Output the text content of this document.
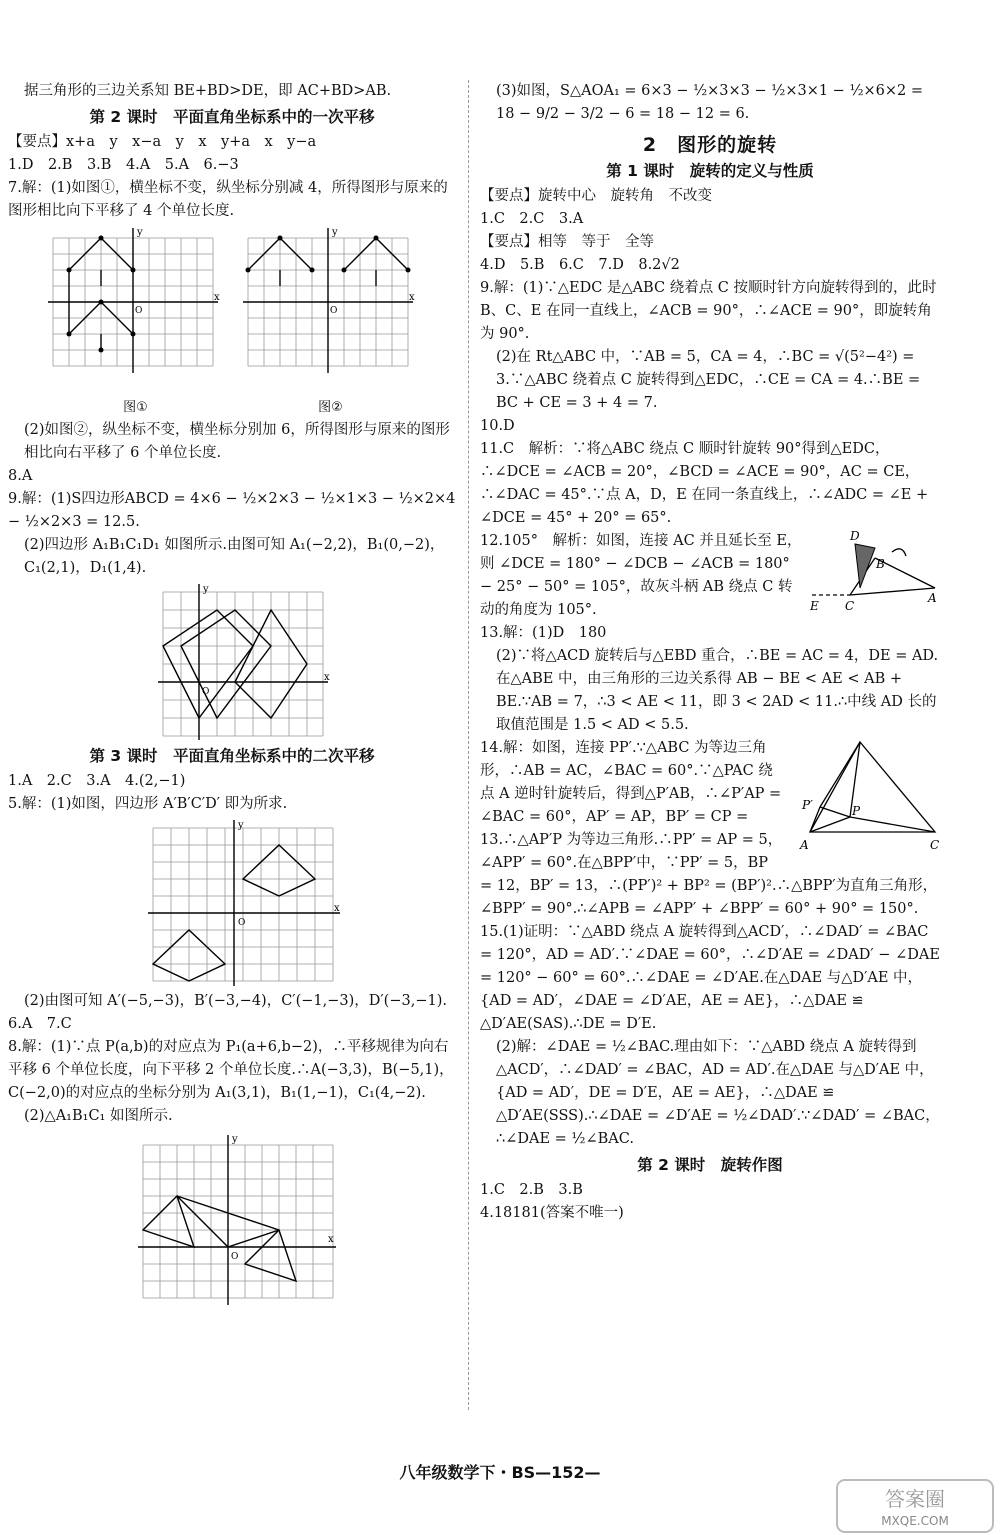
据三角形的三边关系知 BE+BD>DE，即 AC+BD>AB.

第 2 课时　平面直角坐标系中的一次平移

【要点】x+a　y　x−a　y　x　y+a　x　y−a

1.D　2.B　3.B　4.A　5.A　6.−3

7.解：(1)如图①，横坐标不变，纵坐标分别减 4，所得图形与原来的图形相比向下平移了 4 个单位长度.

y
x
O
图①
y
x
O
图②

(2)如图②，纵坐标不变，横坐标分别加 6，所得图形与原来的图形相比向右平移了 6 个单位长度.

8.A

9.解：(1)S四边形ABCD = 4×6 − ½×2×3 − ½×1×3 − ½×2×4 − ½×2×3 = 12.5.

(2)四边形 A₁B₁C₁D₁ 如图所示.由图可知 A₁(−2,2)，B₁(0,−2)，C₁(2,1)，D₁(1,4).

y
x
O
第 3 课时　平面直角坐标系中的二次平移

1.A　2.C　3.A　4.(2,−1)

5.解：(1)如图，四边形 A′B′C′D′ 即为所求.

y
x
O

(2)由图可知 A′(−5,−3)，B′(−3,−4)，C′(−1,−3)，D′(−3,−1).

6.A　7.C

8.解：(1)∵点 P(a,b)的对应点为 P₁(a+6,b−2)，∴平移规律为向右平移 6 个单位长度，向下平移 2 个单位长度.∴A(−3,3)，B(−5,1)，C(−2,0)的对应点的坐标分别为 A₁(3,1)，B₁(1,−1)，C₁(4,−2).

(2)△A₁B₁C₁ 如图所示.

y
x
O

(3)如图，S△AOA₁ = 6×3 − ½×3×3 − ½×3×1 − ½×6×2 = 18 − 9/2 − 3/2 − 6 = 18 − 12 = 6.

2　图形的旋转
第 1 课时　旋转的定义与性质

【要点】旋转中心　旋转角　不改变

1.C　2.C　3.A

【要点】相等　等于　全等

4.D　5.B　6.C　7.D　8.2√2

9.解：(1)∵△EDC 是△ABC 绕着点 C 按顺时针方向旋转得到的，此时 B、C、E 在同一直线上，∠ACB = 90°，∴∠ACE = 90°，即旋转角为 90°.

(2)在 Rt△ABC 中，∵AB = 5，CA = 4，∴BC = √(5²−4²) = 3.∵△ABC 绕着点 C 旋转得到△EDC，∴CE = CA = 4.∴BE = BC + CE = 3 + 4 = 7.

10.D

11.C　解析：∵将△ABC 绕点 C 顺时针旋转 90°得到△EDC，∴∠DCE = ∠ACB = 20°，∠BCD = ∠ACE = 90°，AC = CE，∴∠DAC = 45°.∵点 A，D，E 在同一条直线上，∴∠ADC = ∠E + ∠DCE = 45° + 20° = 65°.

D
B
A
E C

12.105°　解析：如图，连接 AC 并且延长至 E，则 ∠DCE = 180° − ∠DCB − ∠ACB = 180° − 25° − 50° = 105°，故灰斗柄 AB 绕点 C 转动的角度为 105°.

13.解：(1)D　180

(2)∵将△ACD 旋转后与△EBD 重合，∴BE = AC = 4，DE = AD.在△ABE 中，由三角形的三边关系得 AB − BE < AE < AB + BE.∵AB = 7，∴3 < AE < 11，即 3 < 2AD < 11.∴中线 AD 长的取值范围是 1.5 < AD < 5.5.

A	C
P′	P

14.解：如图，连接 PP′.∵△ABC 为等边三角形，∴AB = AC，∠BAC = 60°.∵△PAC 绕点 A 逆时针旋转后，得到△P′AB，∴∠P′AP = ∠BAC = 60°，AP′ = AP，BP′ = CP = 13.∴△AP′P 为等边三角形.∴PP′ = AP = 5，∠APP′ = 60°.在△BPP′中，∵PP′ = 5，BP = 12，BP′ = 13，∴(PP′)² + BP² = (BP′)².∴△BPP′为直角三角形，∠BPP′ = 90°.∴∠APB = ∠APP′ + ∠BPP′ = 60° + 90° = 150°.

15.(1)证明：∵△ABD 绕点 A 旋转得到△ACD′，∴∠DAD′ = ∠BAC = 120°，AD = AD′.∵∠DAE = 60°，∴∠D′AE = ∠DAD′ − ∠DAE = 120° − 60° = 60°.∴∠DAE = ∠D′AE.在△DAE 与△D′AE 中，{AD = AD′，∠DAE = ∠D′AE，AE = AE}，∴△DAE ≌ △D′AE(SAS).∴DE = D′E.

(2)解：∠DAE = ½∠BAC.理由如下：∵△ABD 绕点 A 旋转得到△ACD′，∴∠DAD′ = ∠BAC，AD = AD′.在△DAE 与△D′AE 中，{AD = AD′，DE = D′E，AE = AE}，∴△DAE ≌ △D′AE(SSS).∴∠DAE = ∠D′AE = ½∠DAD′.∵∠DAD′ = ∠BAC，∴∠DAE = ½∠BAC.

第 2 课时　旋转作图

1.C　2.B　3.B

4.18181(答案不唯一)

八年级数学下・BS—152—
答案圈
MXQE.COM
